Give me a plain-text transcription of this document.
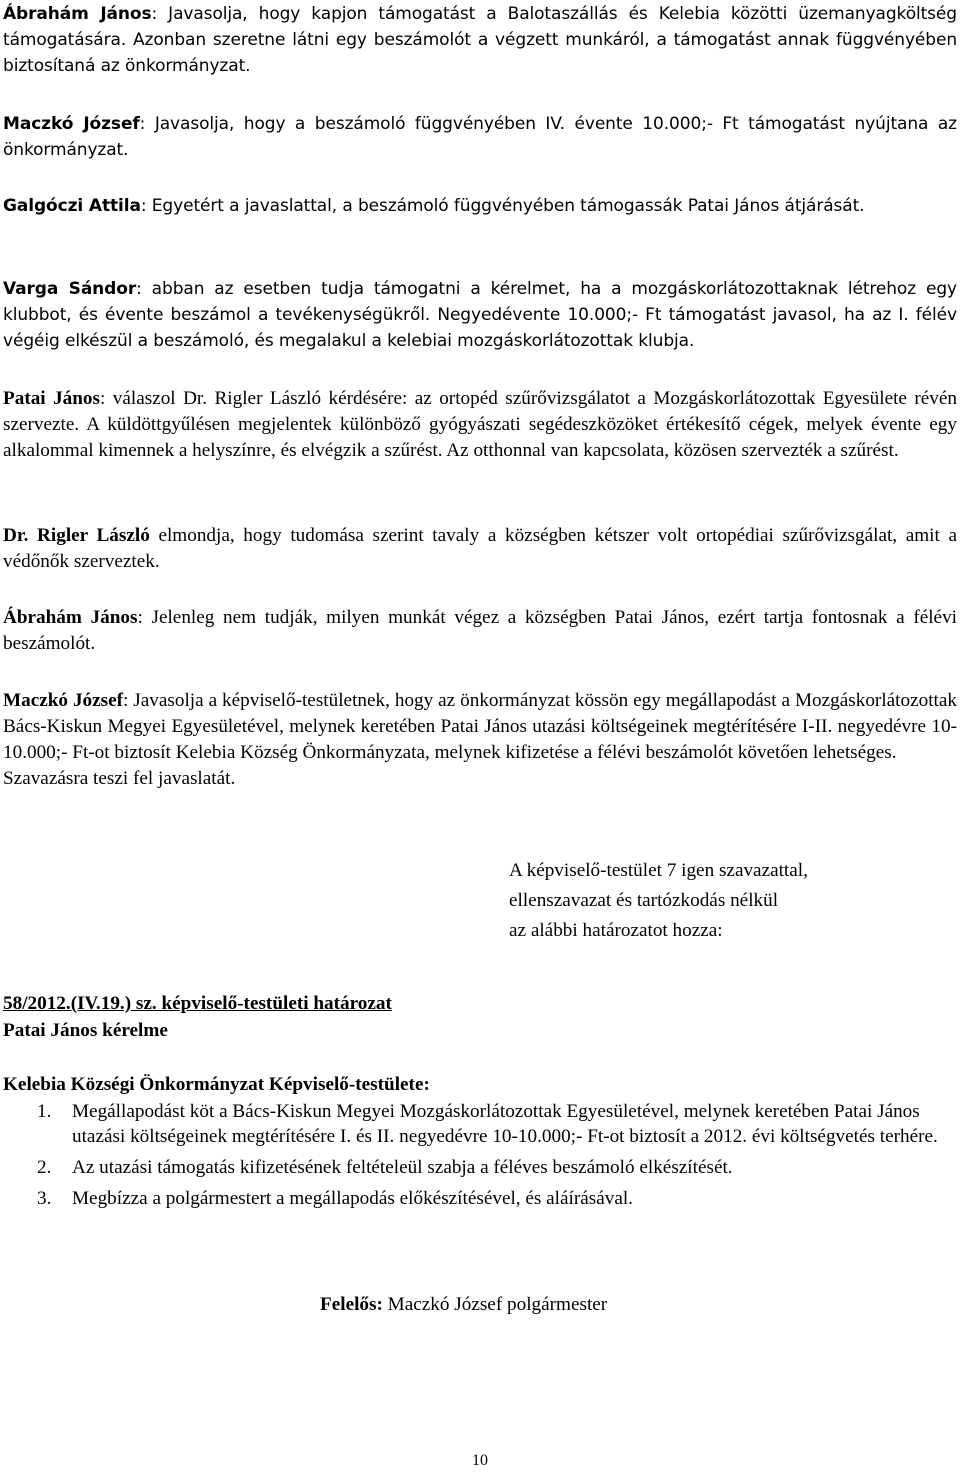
Ábrahám János: Javasolja, hogy kapjon támogatást a Balotaszállás és Kelebia közötti üzemanyagköltség támogatására. Azonban szeretne látni egy beszámolót a végzett munkáról, a támogatást annak függvényében biztosítaná az önkormányzat.

Maczkó József: Javasolja, hogy a beszámoló függvényében IV. évente 10.000;- Ft támogatást nyújtana az önkormányzat.

Galgóczi Attila: Egyetért a javaslattal, a beszámoló függvényében támogassák Patai János átjárását.

Varga Sándor: abban az esetben tudja támogatni a kérelmet, ha a mozgáskorlátozottaknak létrehoz egy klubbot, és évente beszámol a tevékenységükről. Negyedévente 10.000;- Ft támogatást javasol, ha az I. félév végéig elkészül a beszámoló, és megalakul a kelebiai mozgáskorlátozottak klubja.

Patai János: válaszol Dr. Rigler László kérdésére: az ortopéd szűrővizsgálatot a Mozgáskorlátozottak Egyesülete révén szervezte. A küldöttgyűlésen megjelentek különböző gyógyászati segédeszközöket értékesítő cégek, melyek évente egy alkalommal kimennek a helyszínre, és elvégzik a szűrést. Az otthonnal van kapcsolata, közösen szervezték a szűrést.

Dr. Rigler László elmondja, hogy tudomása szerint tavaly a községben kétszer volt ortopédiai szűrővizsgálat, amit a védőnők szerveztek.

Ábrahám János: Jelenleg nem tudják, milyen munkát végez a községben Patai János, ezért tartja fontosnak a félévi beszámolót.

Maczkó József: Javasolja a képviselő-testületnek, hogy az önkormányzat kössön egy megállapodást a Mozgáskorlátozottak Bács-Kiskun Megyei Egyesületével, melynek keretében Patai János utazási költségeinek megtérítésére I-II. negyedévre 10-10.000;- Ft-ot biztosít Kelebia Község Önkormányzata, melynek kifizetése a félévi beszámolót követően lehetséges.

Szavazásra teszi fel javaslatát.
A képviselő-testület 7 igen szavazattal,
ellenszavazat és tartózkodás nélkül
az alábbi határozatot hozza:
58/2012.(IV.19.) sz. képviselő-testületi határozat
Patai János kérelme
Kelebia Községi Önkormányzat Képviselő-testülete:
1. Megállapodást köt a Bács-Kiskun Megyei Mozgáskorlátozottak Egyesületével, melynek keretében Patai János utazási költségeinek megtérítésére I. és II. negyedévre 10-10.000;- Ft-ot biztosít a 2012. évi költségvetés terhére.
2. Az utazási támogatás kifizetésének feltételeül szabja a féléves beszámoló elkészítését.
3. Megbízza a polgármestert a megállapodás előkészítésével, és aláírásával.
Felelős: Maczkó József polgármester
10
